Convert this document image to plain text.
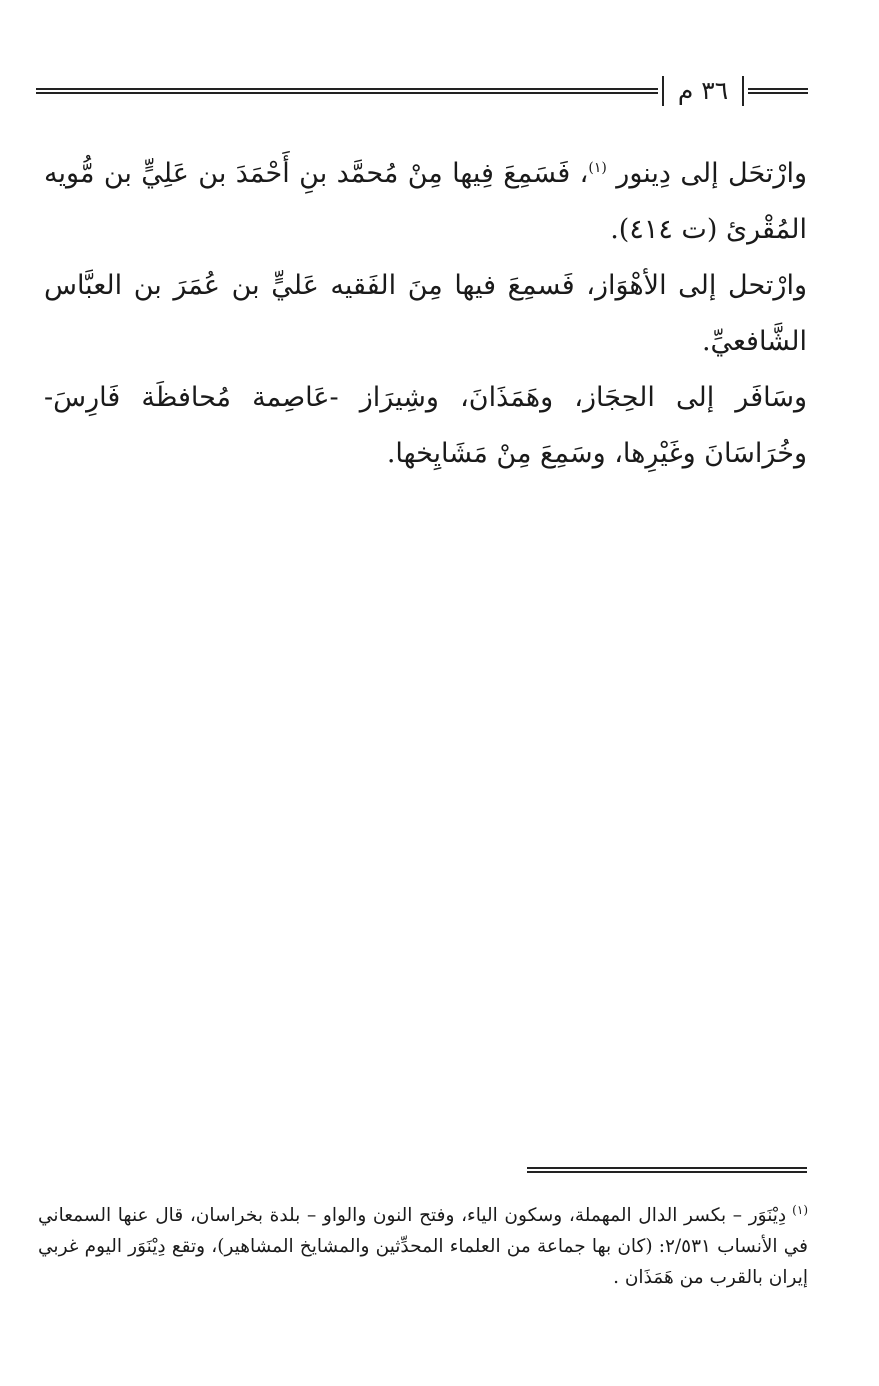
٣٦ م

وارْتحَل إلى دِينور $^{(١)}$، فَسَمِعَ فِيها مِنْ مُحمَّد بنِ أَحْمَدَ بن عَلِيٍّ بن مُّويه المُقْرئ (ت ٤١٤).

وارْتحل إلى الأهْوَاز، فَسمِعَ فيها مِنَ الفَقيه عَليٍّ بن عُمَرَ بن العبَّاس الشَّافعيِّ.

وسَافَر إلى الحِجَاز، وهَمَذَانَ، وشِيرَاز -عَاصِمة مُحافظَة فَارِسَ- وخُرَاسَانَ وغَيْرِها، وسَمِعَ مِنْ مَشَايِخها.

$^{(١)}$دِيْنَوَر – بكسر الدال المهملة، وسكون الياء، وفتح النون والواو – بلدة بخراسان، قال عنها السمعاني في الأنساب ٢/٥٣١: (كان بها جماعة من العلماء المحدِّثين والمشايخ المشاهير)، وتقع دِيْنَوَر اليوم غربي إيران بالقرب من هَمَذَان .
